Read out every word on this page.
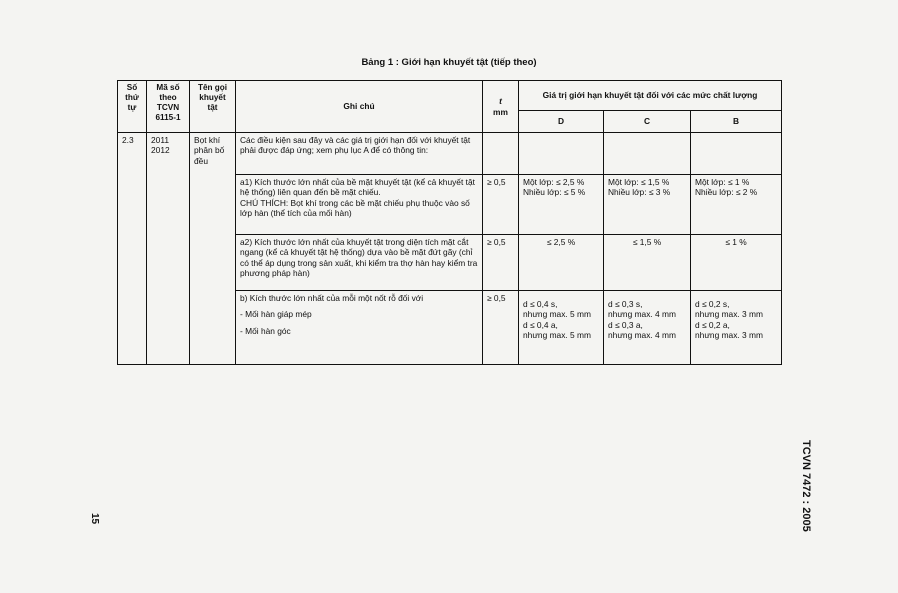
Bảng 1 : Giới hạn khuyết tật (tiếp theo)
Số thứ tự	Mã số theo TCVN 6115-1	Tên gọi khuyết tật	Ghi chú	t
mm	Giá trị giới hạn khuyết tật đối với các mức chất lượng		
					D	C	B
2.3	2011 2012	Bọt khí phân bố đều	Các điều kiện sau đây và các giá trị giới hạn đối với khuyết tật phải được đáp ứng; xem phụ lục A để có thông tin:				

			a1) Kích thước lớn nhất của bề mặt khuyết tật (kể cả khuyết tật hệ thống) liên quan đến bề mặt chiếu.
CHÚ THÍCH: Bọt khí trong các bề mặt chiếu phụ thuộc vào số lớp hàn (thể tích của mối hàn)	≥ 0,5	Một lớp: ≤ 2,5 %
Nhiều lớp: ≤ 5 %	Một lớp: ≤ 1,5 %
Nhiều lớp: ≤ 3 %	Một lớp: ≤ 1 %
Nhiều lớp: ≤ 2 %

			a2) Kích thước lớn nhất của khuyết tật trong diện tích mặt cắt ngang (kể cả khuyết tật hệ thống) dựa vào bề mặt đứt gãy (chỉ có thể áp dụng trong sản xuất, khi kiểm tra thợ hàn hay kiểm tra phương pháp hàn)	≥ 0,5	≤ 2,5 %	≤ 1,5 %	≤ 1 %

			b) Kích thước lớn nhất của mỗi một nốt rỗ đối với
- Mối hàn giáp mép
- Mối hàn góc	≥ 0,5	d ≤ 0,4 s,
nhưng max. 5 mm
d ≤ 0,4 a,
nhưng max. 5 mm	d ≤ 0,3 s,
nhưng max. 4 mm
d ≤ 0,3 a,
nhưng max. 4 mm	d ≤ 0,2 s,
nhưng max. 3 mm
d ≤ 0,2 a,
nhưng max. 3 mm
TCVN 7472 : 2005
15
